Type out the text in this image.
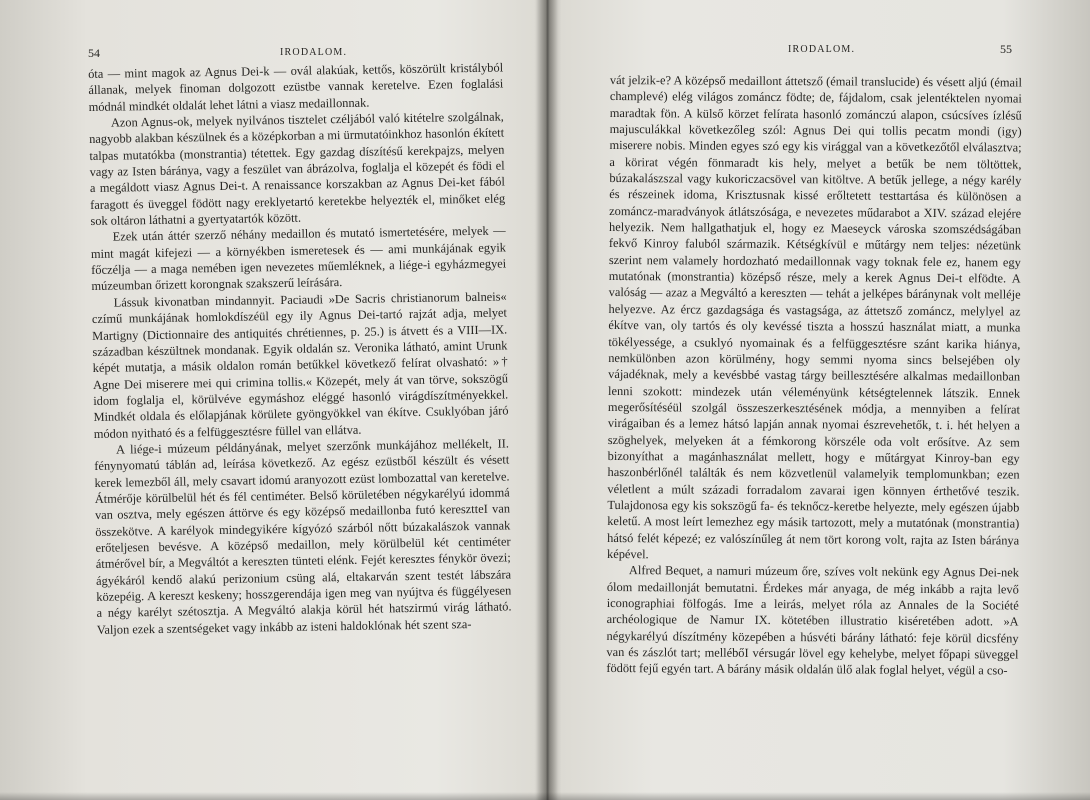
54	IRODALOM.

óta — mint magok az Agnus Dei-k — ovál alakúak, kettős, köszörült kristályból állanak, melyek finoman dolgozott ezüstbe vannak keretelve. Ezen foglalási módnál mindkét oldalát lehet látni a viasz medaillonnak.

Azon Agnus-ok, melyek nyilvános tisztelet czéljából való kitételre szolgálnak, nagyobb alakban készülnek és a középkorban a mi ürmutatóinkhoz hasonlón ékített talpas mutatókba (monstrantia) tétettek. Egy gazdag díszítésű kerekpajzs, melyen vagy az Isten báránya, vagy a feszület van ábrázolva, foglalja el közepét és födi el a megáldott viasz Agnus Dei-t. A renaissance korszakban az Agnus Dei-ket fából faragott és üveggel födött nagy ereklyetartó keretekbe helyezték el, minőket elég sok oltáron láthatni a gyertyatartók között.

Ezek után áttér szerző néhány medaillon és mutató ismertetésére, melyek — mint magát kifejezi — a környékben ismeretesek és — ami munkájának egyik főczélja — a maga nemében igen nevezetes műemléknek, a liége-i egyházmegyei múzeumban őrizett korongnak szakszerű leírására.

Lássuk kivonatban mindannyit. Paciaudi »De Sacris christianorum balneis« czímű munkájának homlokdíszéül egy ily Agnus Dei-tartó rajzát adja, melyet Martigny (Dictionnaire des antiquités chrétiennes, p. 25.) is átvett és a VIII—IX. században készültnek mondanak. Egyik oldalán sz. Veronika látható, amint Urunk képét mutatja, a másik oldalon román betűkkel következő felírat olvasható: »† Agne Dei miserere mei qui crimina tollis.« Közepét, mely át van törve, sokszögű idom foglalja el, körülvéve egymáshoz eléggé hasonló virágdíszítményekkel. Mindkét oldala és előlapjának körülete gyöngyökkel van ékítve. Csuklyóban járó módon nyitható és a felfüggesztésre füllel van ellátva.

A liége-i múzeum példányának, melyet szerzőnk munkájához mellékelt, II. fénynyomatú táblán ad, leírása következő. Az egész ezüstből készült és vésett kerek lemezből áll, mely csavart idomú aranyozott ezüst lombozattal van keretelve. Átmérője körülbelül hét és fél centiméter. Belső körületében négykarélyú idommá van osztva, mely egészen áttörve és egy középső medaillonba futó keresztteI van összekötve. A karélyok mindegyikére kígyózó szárból nőtt búzakalászok vannak erőteljesen bevésve. A középső medaillon, mely körülbelül két centiméter átmérővel bír, a Megváltót a kereszten tünteti elénk. Fejét keresztes fénykör övezi; ágyékáról kendő alakú perizonium csüng alá, eltakarván szent testét lábszára közepéig. A kereszt keskeny; hosszgerendája igen meg van nyújtva és függélyesen a négy karélyt szétosztja. A Megváltó alakja körül hét hatszirmú virág látható. Valjon ezek a szentségeket vagy inkább az isteni haldoklónak hét szent sza-

IRODALOM.	55

vát jelzik-e? A középső medaillont áttetsző (émail translucide) és vésett aljú (émail champlevé) elég világos zománcz födte; de, fájdalom, csak jelentéktelen nyomai maradtak fön. A külső körzet felírata hasonló zománczú alapon, csúcsíves ízlésű majusculákkal következőleg szól: Agnus Dei qui tollis pecatm mondi (igy) miserere nobis. Minden egyes szó egy kis virággal van a következőtől elválasztva; a körirat végén fönmaradt kis hely, melyet a betűk be nem töltöttek, búzakalászszal vagy kukoriczacsövel van kitöltve. A betűk jellege, a négy karély és részeinek idoma, Krisztusnak kissé erőltetett testtartása és különösen a zománcz-maradványok átlátszósága, e nevezetes műdarabot a XIV. század elejére helyezik. Nem hallgathatjuk el, hogy ez Maeseyck városka szomszédságában fekvő Kinroy faluból származik. Kétségkívül e műtárgy nem teljes: nézetünk szerint nem valamely hordozható medaillonnak vagy toknak fele ez, hanem egy mutatónak (monstrantia) középső része, mely a kerek Agnus Dei-t elfödte. A valóság — azaz a Megváltó a kereszten — tehát a jelképes báránynak volt melléje helyezve. Az ércz gazdagsága és vastagsága, az áttetsző zománcz, melylyel az ékítve van, oly tartós és oly kevéssé tiszta a hosszú használat miatt, a munka tökélyessége, a csuklyó nyomainak és a felfüggesztésre szánt karika hiánya, nemkülönben azon körülmény, hogy semmi nyoma sincs belsejében oly vájadéknak, mely a kevésbbé vastag tárgy beillesztésére alkalmas medaillonban lenni szokott: mindezek után véleményünk kétségtelennek látszik. Ennek megerősítéséül szolgál összeszerkesztésének módja, a mennyiben a felírat virágaiban és a lemez hátsó lapján annak nyomai észrevehetők, t. i. hét helyen a szöghelyek, melyeken át a fémkorong körszéle oda volt erősítve. Az sem bizonyíthat a magánhasználat mellett, hogy e műtárgyat Kinroy-ban egy haszonbérlőnél találták és nem közvetlenül valamelyik templomunkban; ezen véletlent a múlt századi forradalom zavarai igen könnyen érthetővé teszik. Tulajdonosa egy kis sokszögű fa- és teknőcz-keretbe helyezte, mely egészen újabb keletű. A most leírt lemezhez egy másik tartozott, mely a mutatónak (monstrantia) hátsó felét képezé; ez valószínűleg át nem tört korong volt, rajta az Isten báránya képével.

Alfred Bequet, a namuri múzeum őre, szíves volt nekünk egy Agnus Dei-nek ólom medaillonját bemutatni. Érdekes már anyaga, de még inkább a rajta levő iconographiai fölfogás. Ime a leirás, melyet róla az Annales de la Société archéologique de Namur IX. kötetében illustratio kiséretében adott. »A négykarélyú díszítmény közepében a húsvéti bárány látható: feje körül dicsfény van és zászlót tart; mellébőI vérsugár lövel egy kehelybe, melyet főpapi süveggel födött fejű egyén tart. A bárány másik oldalán ülő alak foglal helyet, végül a cso-
